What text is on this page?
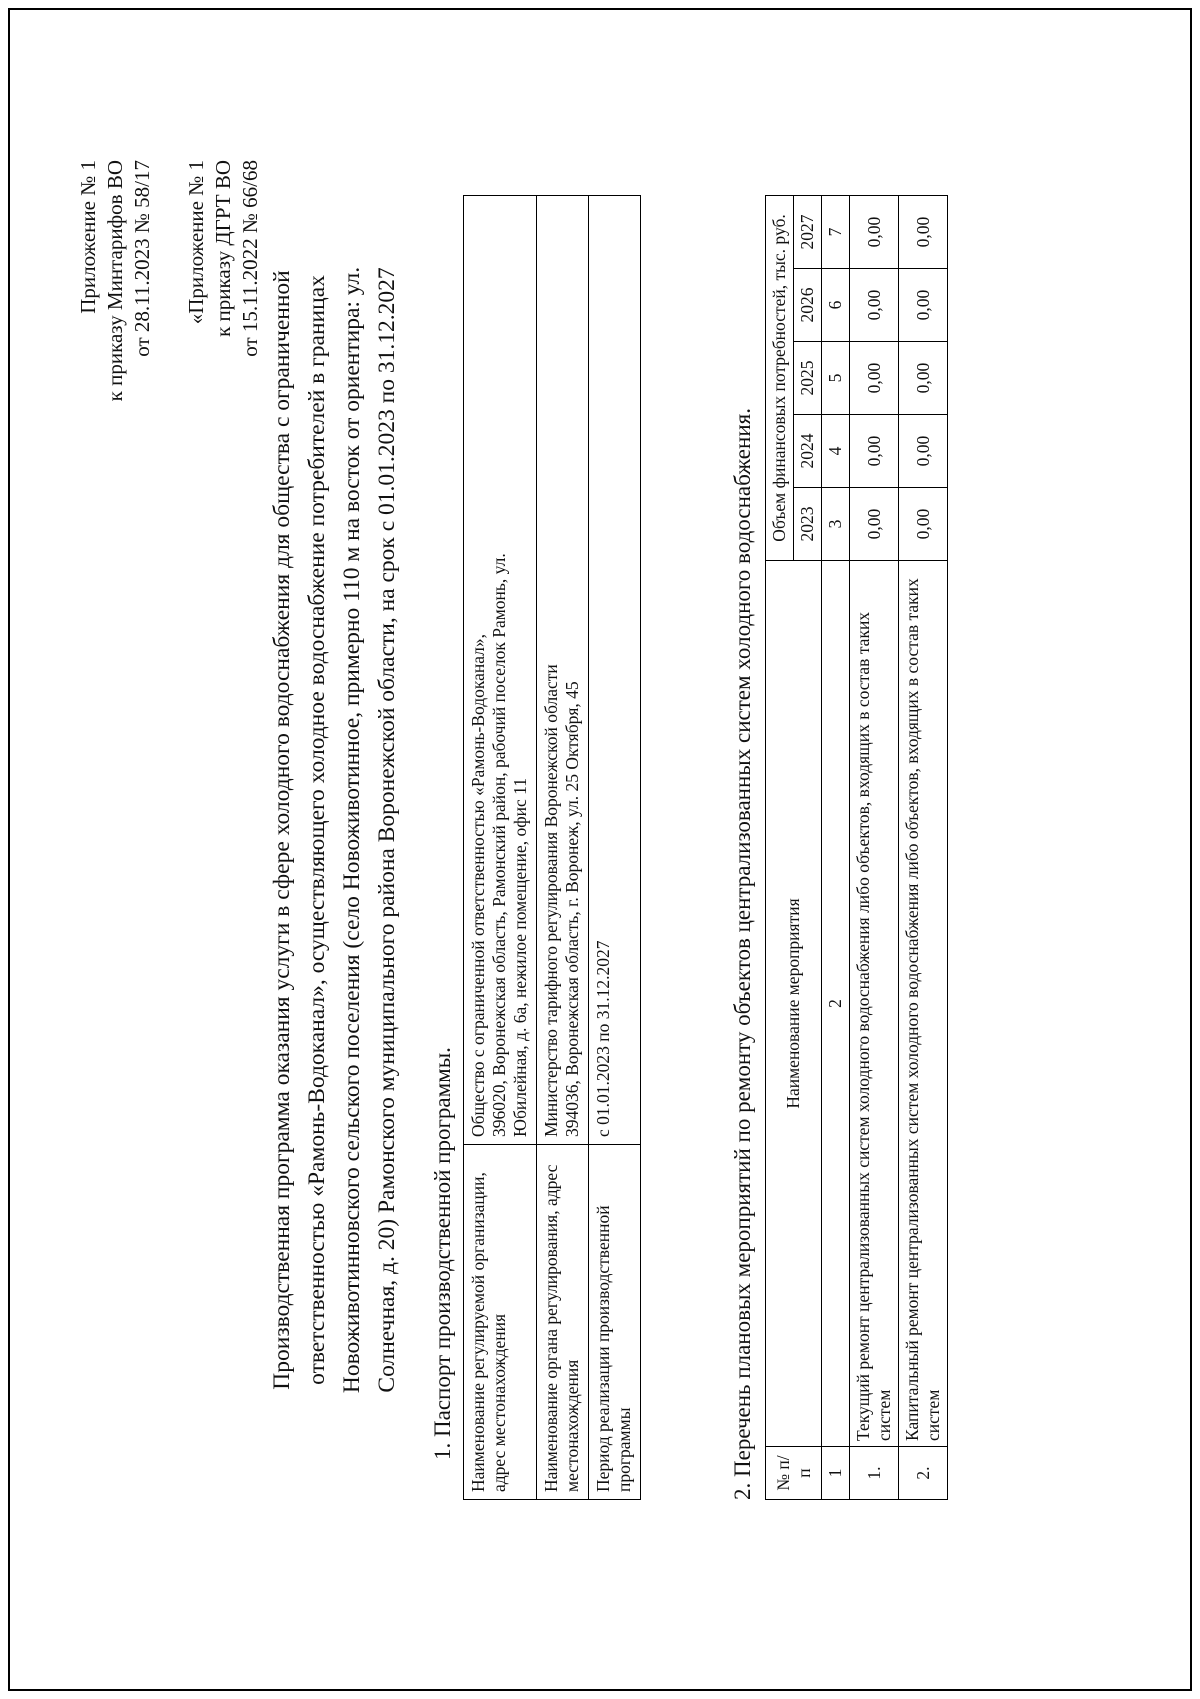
Приложение № 1 к приказу Минтарифов ВО от 28.11.2023 № 58/17 «Приложение № 1 к приказу ДГРТ ВО от 15.11.2022 № 66/68
Производственная программа оказания услуги в сфере холодного водоснабжения для общества с ограниченной ответственностью «Рамонь-Водоканал», осуществляющего холодное водоснабжение потребителей в границах Новоживотинновского сельского поселения (село Новоживотинное, примерно 110 м на восток от ориентира: ул. Солнечная, д. 20) Рамонского муниципального района Воронежской области, на срок с 01.01.2023 по 31.12.2027 1. Паспорт производственной программы. Наименование регулируемой организации, адрес местонахождения	Общество с ограниченной ответственностью «Рамонь-Водоканал», 396020, Воронежская область, Рамонский район, рабочий поселок Рамонь, ул. Юбилейная, д. 6а, нежилое помещение, офис 11

Наименование органа регулирования, адрес местонахождения	Министерство тарифного регулирования Воронежской области 394036, Воронежская область, г. Воронеж, ул. 25 Октября, 45

Период реализации производственной программы	с 01.01.2023 по 31.12.2027	2. Перечень плановых мероприятий по ремонту объектов централизованных систем холодного водоснабжения. № п/п	Наименование мероприятия	Объем финансовых потребностей, тыс. руб.				
		2023	2024	2025	2026	2027
1	2	3	4	5	6	7
1.	Текущий ремонт централизованных систем холодного водоснабжения либо объектов, входящих в состав таких систем	0,00	0,00	0,00	0,00	0,00
2.	Капитальный ремонт централизованных систем холодного водоснабжения либо объектов, входящих в состав таких систем	0,00	0,00	0,00	0,00	0,00
